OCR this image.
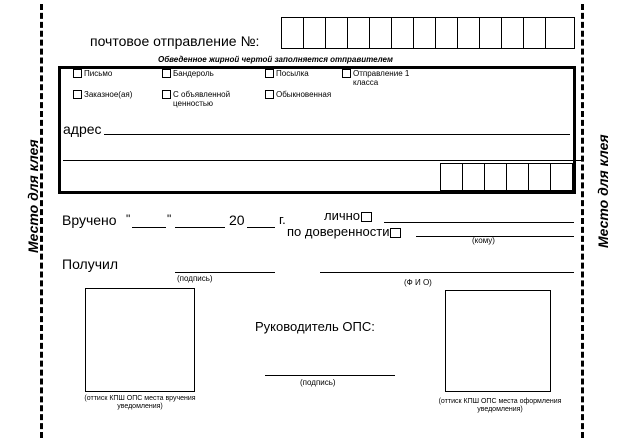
Место для клея	Место для клея
почтовое отправление №:
Обведенное жирной чертой заполняется отправителем
Письмо	Бандероль	Посылка	Отправление 1 класса
Заказное(ая)	С объявленной ценностью
Обыкновенная
адрес
Вручено "	"	20	г.	лично
по доверенности
(кому)
Получил
(подпись)	(Ф И О)
(оттиск КПШ ОПС места вручения уведомления)
(оттиск КПШ ОПС места оформления уведомления)
Руководитель ОПС:
(подпись)
